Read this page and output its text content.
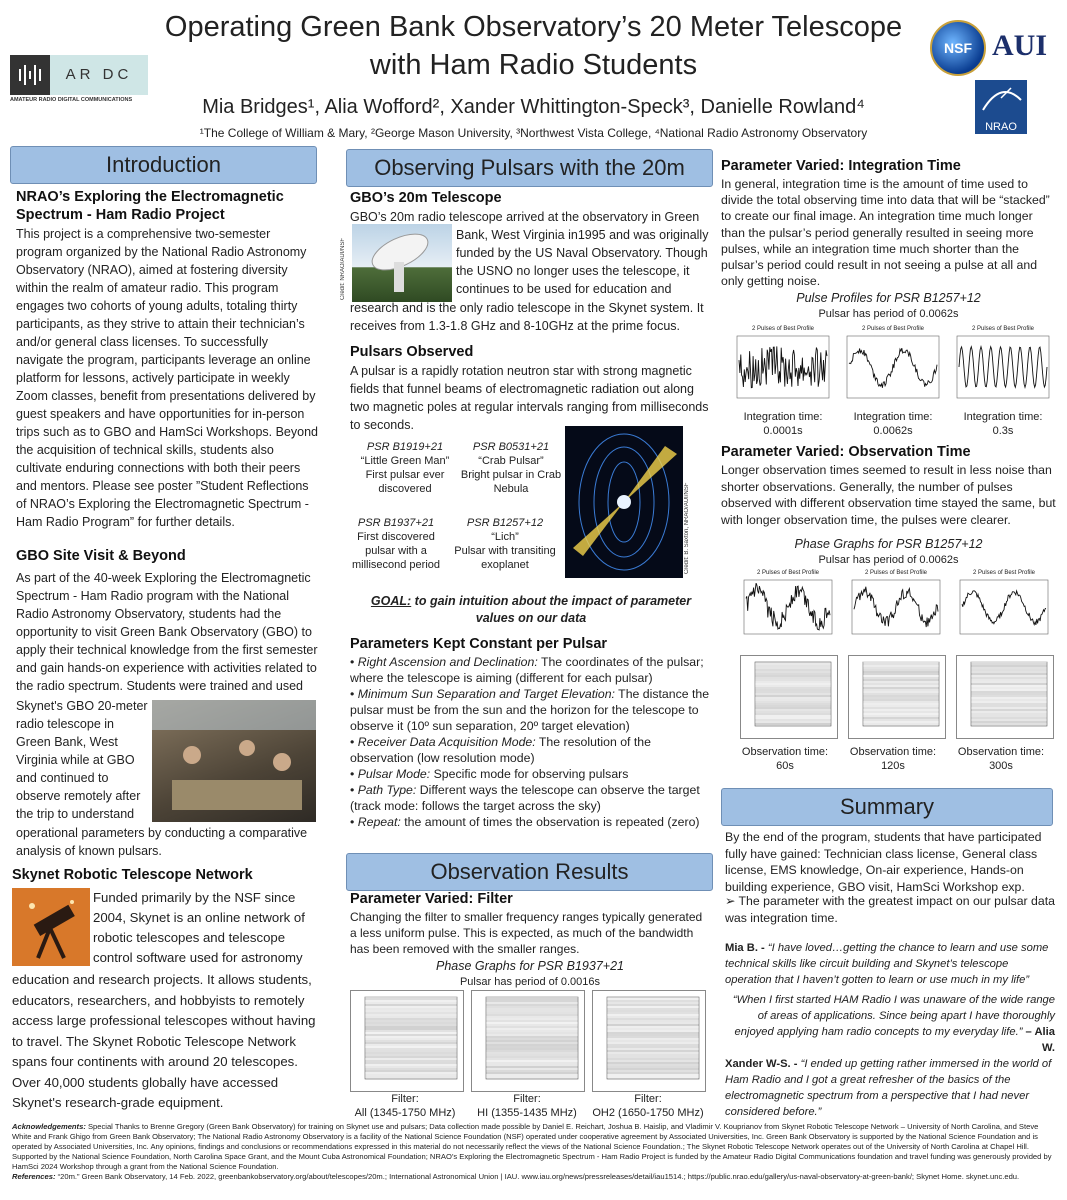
Operating Green Bank Observatory’s 20 Meter Telescope
with Ham Radio Students
AR DC
AMATEUR RADIO DIGITAL COMMUNICATIONS
NSF AUI
NRAO
Mia Bridges¹, Alia Wofford², Xander Whittington-Speck³, Danielle Rowland⁴
¹The College of William & Mary, ²George Mason University, ³Northwest Vista College, ⁴National Radio Astronomy Observatory
Introduction
NRAO’s Exploring the Electromagnetic Spectrum - Ham Radio Project
This project is a comprehensive two-semester program organized by the National Radio Astronomy Observatory (NRAO), aimed at fostering diversity within the realm of amateur radio. This program engages two cohorts of young adults, totaling thirty participants, as they strive to attain their technician’s and/or general class licenses. To successfully navigate the program, participants leverage an online platform for lessons, actively participate in weekly Zoom classes, benefit from presentations delivered by guest speakers and have opportunities for in-person trips such as to GBO and HamSci Workshops. Beyond the acquisition of technical skills, students also cultivate enduring connections with both their peers and mentors. Please see poster ”Student Reflections of NRAO’s Exploring the Electromagnetic Spectrum - Ham Radio Program” for further details.
GBO Site Visit & Beyond
As part of the 40-week Exploring the Electromagnetic Spectrum - Ham Radio program with the National Radio Astronomy Observatory, students had the opportunity to visit Green Bank Observatory (GBO) to apply their technical knowledge from the first semester and gain hands-on experience with activities related to the radio spectrum. Students were trained and used
Skynet's GBO 20-meter radio telescope in Green Bank, West Virginia while at GBO and continued to observe remotely after the trip to understand
operational parameters by conducting a comparative analysis of known pulsars.
Skynet Robotic Telescope Network
Funded primarily by the NSF since 2004, Skynet is an online network of robotic telescopes and telescope control software used for astronomy
education and research projects. It allows students, educators, researchers, and hobbyists to remotely access large professional telescopes without having to travel. The Skynet Robotic Telescope Network spans four continents with around 20 telescopes. Over 40,000 students globally have accessed Skynet's research-grade equipment.
Observing Pulsars with the 20m
GBO’s 20m Telescope
GBO’s 20m radio telescope arrived at the observatory in Green
Credit: NRAO/AUI/NSF
Bank, West Virginia in1995 and was originally funded by the US Naval Observatory. Though the USNO no longer uses the telescope, it continues to be used for education and
research and is the only radio telescope in the Skynet system. It receives from 1.3-1.8 GHz and 8-10GHz at the prime focus.
Pulsars Observed
A pulsar is a rapidly rotation neutron star with strong magnetic fields that funnel beams of electromagnetic radiation out along two magnetic poles at regular intervals ranging from milliseconds to seconds.
PSR B1919+21
“Little Green Man”
First pulsar ever discovered
PSR B0531+21
“Crab Pulsar”
Bright pulsar in Crab Nebula
PSR B1937+21
First discovered pulsar with a millisecond period
PSR B1257+12
“Lich”
Pulsar with transiting exoplanet	Credit: B. Saxton, NRAO/AUI/NSF
GOAL: to gain intuition about the impact of parameter values on our data
Parameters Kept Constant per Pulsar
• Right Ascension and Declination: The coordinates of the pulsar; where the telescope is aiming (different for each pulsar)
• Minimum Sun Separation and Target Elevation: The distance the pulsar must be from the sun and the horizon for the telescope to observe it (10º sun separation, 20º target elevation)
• Receiver Data Acquisition Mode: The resolution of the observation (low resolution mode)
• Pulsar Mode: Specific mode for observing pulsars
• Path Type: Different ways the telescope can observe the target (track mode: follows the target across the sky)
• Repeat: the amount of times the observation is repeated (zero)
Observation Results
Parameter Varied: Filter
Changing the filter to smaller frequency ranges typically generated a less uniform pulse. This is expected, as much of the bandwidth has been removed with the smaller ranges.
Phase Graphs for PSR B1937+21
Pulsar has period of 0.0016s
Filter:
All (1345-1750 MHz)
Filter:
HI (1355-1435 MHz)
Filter:
OH2 (1650-1750 MHz)
Parameter Varied: Integration Time
In general, integration time is the amount of time used to divide the total observing time into data that will be “stacked” to create our final image. An integration time much longer than the pulsar’s period generally resulted in seeing more pulses, while an integration time much shorter than the pulsar’s period could result in not seeing a pulse at all and only getting noise.
Pulse Profiles for PSR B1257+12
Pulsar has period of 0.0062s
2 Pulses of Best Profile	2 Pulses of Best Profile	2 Pulses of Best Profile
Integration time:
0.0001s
Integration time:
0.0062s
Integration time:
0.3s
Parameter Varied: Observation Time
Longer observation times seemed to result in less noise than shorter observations. Generally, the number of pulses observed with different observation time stayed the same, but with longer observation time, the pulses were clearer.
Phase Graphs for PSR B1257+12
Pulsar has period of 0.0062s
2 Pulses of Best Profile	2 Pulses of Best Profile	2 Pulses of Best Profile
Observation time:
60s
Observation time:
120s
Observation time:
300s
Summary
By the end of the program, students that have participated fully have gained: Technician class license, General class license, EMS knowledge, On-air experience, Hands-on building experience, GBO visit, HamSci Workshop exp.
➢ The parameter with the greatest impact on our pulsar data was integration time.
Mia B. - “I have loved…getting the chance to learn and use some technical skills like circuit building and Skynet’s telescope operation that I haven’t gotten to learn or use much in my life”
“When I first started HAM Radio I was unaware of the wide range of areas of applications. Since being apart I have thoroughly enjoyed applying ham radio concepts to my everyday life.” – Alia W.
Xander W-S. - “I ended up getting rather immersed in the world of Ham Radio and I got a great refresher of the basics of the electromagnetic spectrum from a perspective that I had never considered before.”
Acknowledgements: Special Thanks to Brenne Gregory (Green Bank Observatory) for training on Skynet use and pulsars; Data collection made possible by Daniel E. Reichart, Joshua B. Haislip, and Vladimir V. Kouprianov from Skynet Robotic Telescope Network – University of North Carolina, and Steve White and Frank Ghigo from Green Bank Observatory; The National Radio Astronomy Observatory is a facility of the National Science Foundation (NSF) operated under cooperative agreement by Associated Universities, Inc. Green Bank Observatory is supported by the National Science Foundation and is operated by Associated Universities, Inc. Any opinions, findings and conclusions or recommendations expressed in this material do not necessarily reflect the views of the National Science Foundation.; The Skynet Robotic Telescope Network operates out of the University of North Carolina at Chapel Hill. Supported by the National Science Foundation, North Carolina Space Grant, and the Mount Cuba Astronomical Foundation; NRAO’s Exploring the Electromagnetic Spectrum - Ham Radio Project is funded by the Amateur Radio Digital Communications foundation and travel funding was generously provided by HamSci 2024 Workshop through a grant from the National Science Foundation.
References: “20m.” Green Bank Observatory, 14 Feb. 2022, greenbankobservatory.org/about/telescopes/20m.; International Astronomical Union | IAU. www.iau.org/news/pressreleases/detail/iau1514.; https://public.nrao.edu/gallery/us-naval-observatory-at-green-bank/; Skynet Home. skynet.unc.edu.
